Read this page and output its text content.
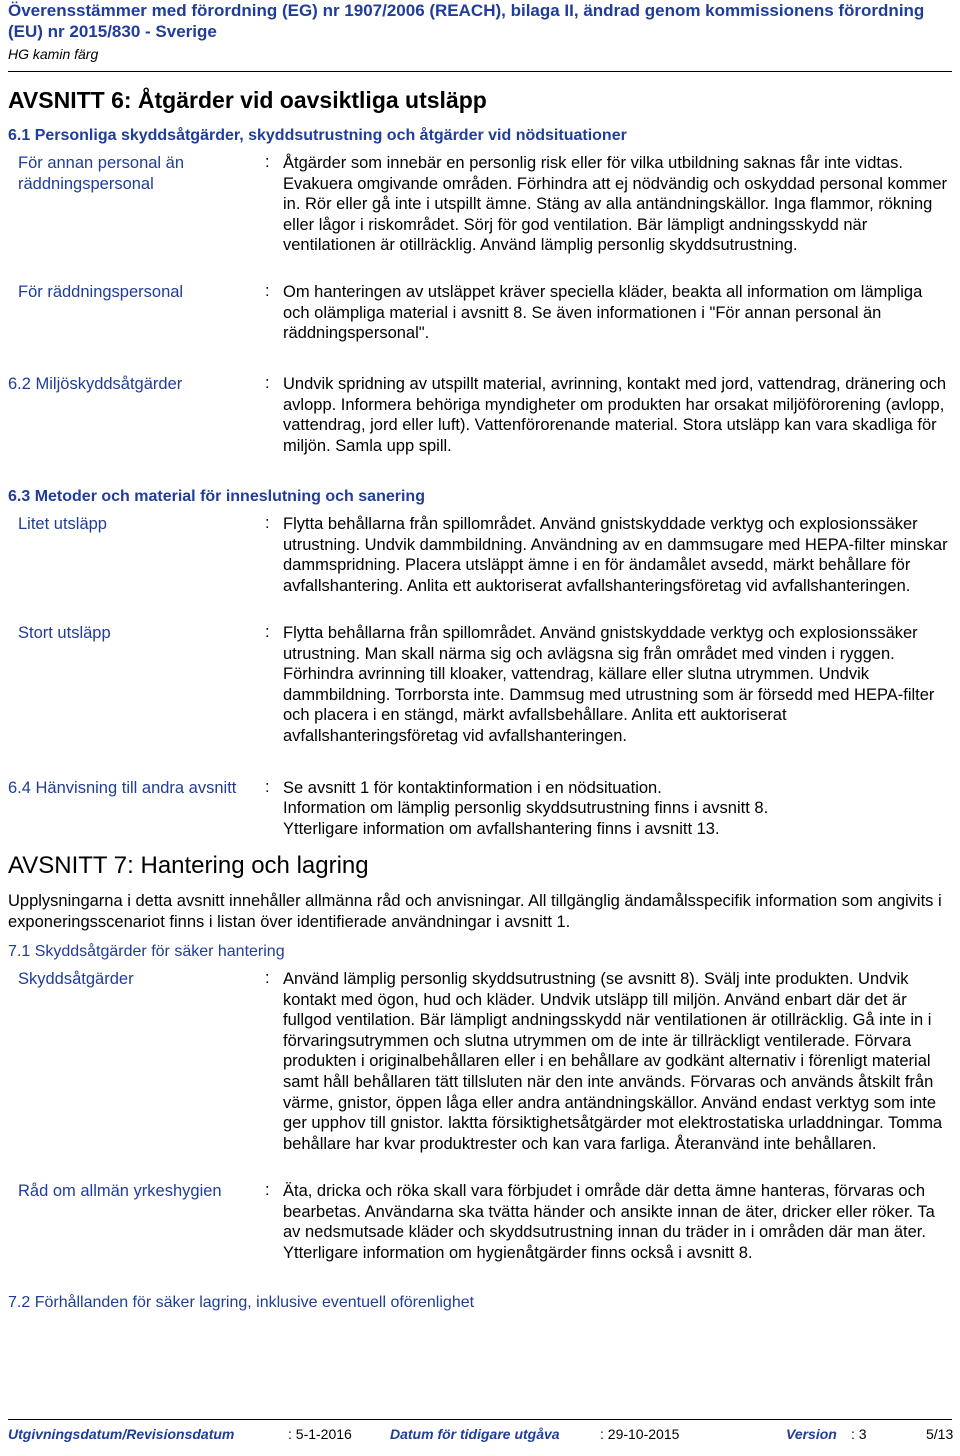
Överensstämmer med förordning (EG) nr 1907/2006 (REACH), bilaga II, ändrad genom kommissionens förordning (EU) nr 2015/830 - Sverige
HG kamin färg
AVSNITT 6: Åtgärder vid oavsiktliga utsläpp
6.1 Personliga skyddsåtgärder, skyddsutrustning och åtgärder vid nödsituationer
För annan personal än räddningspersonal
: Åtgärder som innebär en personlig risk eller för vilka utbildning saknas får inte vidtas. Evakuera omgivande områden. Förhindra att ej nödvändig och oskyddad personal kommer in. Rör eller gå inte i utspillt ämne. Stäng av alla antändningskällor. Inga flammor, rökning eller lågor i riskområdet. Sörj för god ventilation. Bär lämpligt andningsskydd när ventilationen är otillräcklig. Använd lämplig personlig skyddsutrustning.
För räddningspersonal	: Om hanteringen av utsläppet kräver speciella kläder, beakta all information om lämpliga och olämpliga material i avsnitt 8. Se även informationen i "För annan personal än räddningspersonal".
6.2 Miljöskyddsåtgärder	: Undvik spridning av utspillt material, avrinning, kontakt med jord, vattendrag, dränering och avlopp. Informera behöriga myndigheter om produkten har orsakat miljöförorening (avlopp, vattendrag, jord eller luft). Vattenförorenande material. Stora utsläpp kan vara skadliga för miljön. Samla upp spill.
6.3 Metoder och material för inneslutning och sanering
Litet utsläpp	: Flytta behållarna från spillområdet. Använd gnistskyddade verktyg och explosionssäker utrustning. Undvik dammbildning. Användning av en dammsugare med HEPA-filter minskar dammspridning. Placera utsläppt ämne i en för ändamålet avsedd, märkt behållare för avfallshantering. Anlita ett auktoriserat avfallshanteringsföretag vid avfallshanteringen.
Stort utsläpp	: Flytta behållarna från spillområdet. Använd gnistskyddade verktyg och explosionssäker utrustning. Man skall närma sig och avlägsna sig från området med vinden i ryggen. Förhindra avrinning till kloaker, vattendrag, källare eller slutna utrymmen. Undvik dammbildning. Torrborsta inte. Dammsug med utrustning som är försedd med HEPA-filter och placera i en stängd, märkt avfallsbehållare. Anlita ett auktoriserat avfallshanteringsföretag vid avfallshanteringen.
6.4 Hänvisning till andra avsnitt : Se avsnitt 1 för kontaktinformation i en nödsituation.
Information om lämplig personlig skyddsutrustning finns i avsnitt 8.
Ytterligare information om avfallshantering finns i avsnitt 13.
AVSNITT 7: Hantering och lagring
Upplysningarna i detta avsnitt innehåller allmänna råd och anvisningar. All tillgänglig ändamålsspecifik information som angivits i exponeringsscenariot finns i listan över identifierade användningar i avsnitt 1.
7.1 Skyddsåtgärder för säker hantering
Skyddsåtgärder	: Använd lämplig personlig skyddsutrustning (se avsnitt 8). Svälj inte produkten. Undvik kontakt med ögon, hud och kläder. Undvik utsläpp till miljön. Använd enbart där det är fullgod ventilation. Bär lämpligt andningsskydd när ventilationen är otillräcklig. Gå inte in i förvaringsutrymmen och slutna utrymmen om de inte är tillräckligt ventilerade. Förvara produkten i originalbehållaren eller i en behållare av godkänt alternativ i förenligt material samt håll behållaren tätt tillsluten när den inte används. Förvaras och används åtskilt från värme, gnistor, öppen låga eller andra antändningskällor. Använd endast verktyg som inte ger upphov till gnistor. laktta försiktighetsåtgärder mot elektrostatiska urladdningar. Tomma behållare har kvar produktrester och kan vara farliga. Återanvänd inte behållaren.
Råd om allmän yrkeshygien	: Äta, dricka och röka skall vara förbjudet i område där detta ämne hanteras, förvaras och bearbetas. Användarna ska tvätta händer och ansikte innan de äter, dricker eller röker. Ta av nedsmutsade kläder och skyddsutrustning innan du träder in i områden där man äter. Ytterligare information om hygienåtgärder finns också i avsnitt 8.
7.2 Förhållanden för säker lagring, inklusive eventuell oförenlighet
Utgivningsdatum/Revisionsdatum	: 5-1-2016	Datum för tidigare utgåva	: 29-10-2015	Version : 3	5/13
